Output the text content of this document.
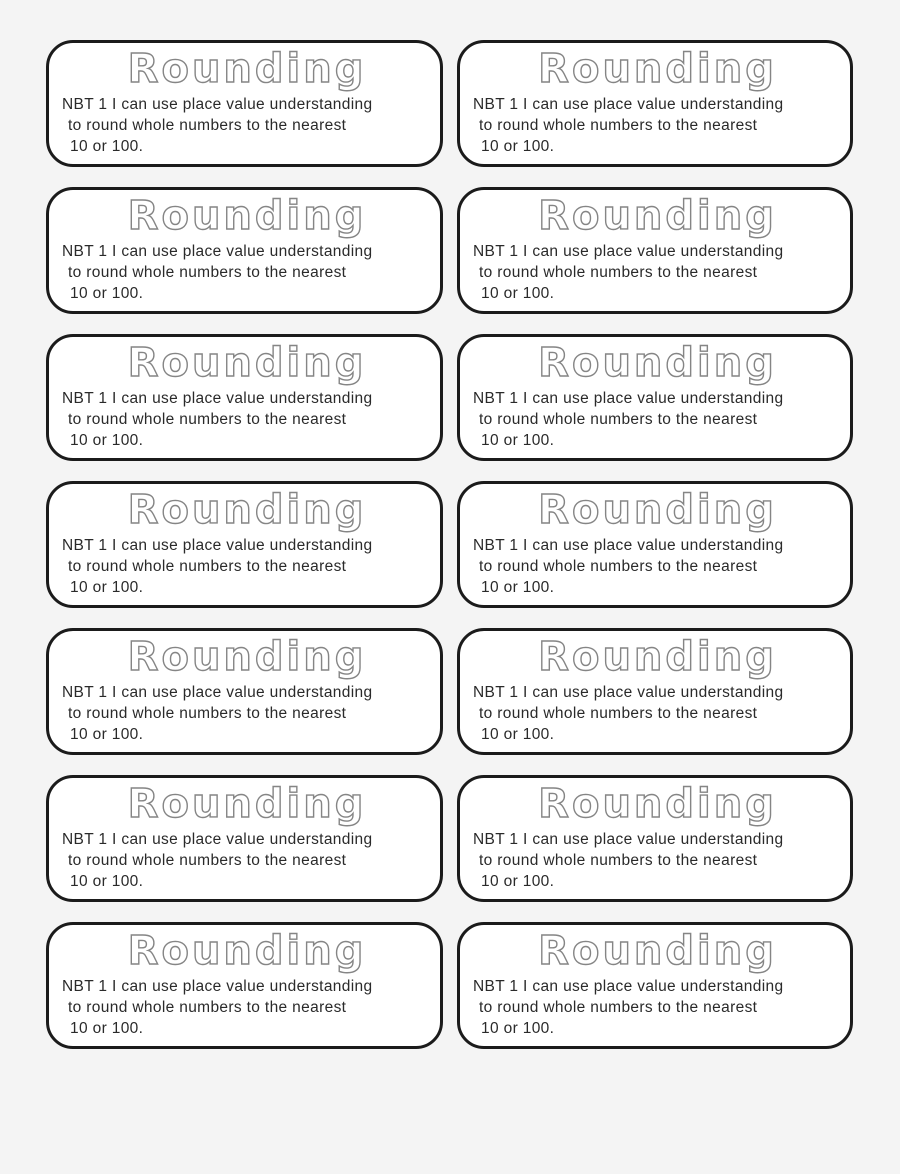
Rounding

NBT 1 I can use place value understanding
to round whole numbers to the nearest
10 or 100.

Rounding

NBT 1 I can use place value understanding
to round whole numbers to the nearest
10 or 100.

Rounding

NBT 1 I can use place value understanding
to round whole numbers to the nearest
10 or 100.

Rounding

NBT 1 I can use place value understanding
to round whole numbers to the nearest
10 or 100.

Rounding

NBT 1 I can use place value understanding
to round whole numbers to the nearest
10 or 100.

Rounding

NBT 1 I can use place value understanding
to round whole numbers to the nearest
10 or 100.

Rounding

NBT 1 I can use place value understanding
to round whole numbers to the nearest
10 or 100.

Rounding

NBT 1 I can use place value understanding
to round whole numbers to the nearest
10 or 100.

Rounding

NBT 1 I can use place value understanding
to round whole numbers to the nearest
10 or 100.

Rounding

NBT 1 I can use place value understanding
to round whole numbers to the nearest
10 or 100.

Rounding

NBT 1 I can use place value understanding
to round whole numbers to the nearest
10 or 100.

Rounding

NBT 1 I can use place value understanding
to round whole numbers to the nearest
10 or 100.

Rounding

NBT 1 I can use place value understanding
to round whole numbers to the nearest
10 or 100.

Rounding

NBT 1 I can use place value understanding
to round whole numbers to the nearest
10 or 100.
